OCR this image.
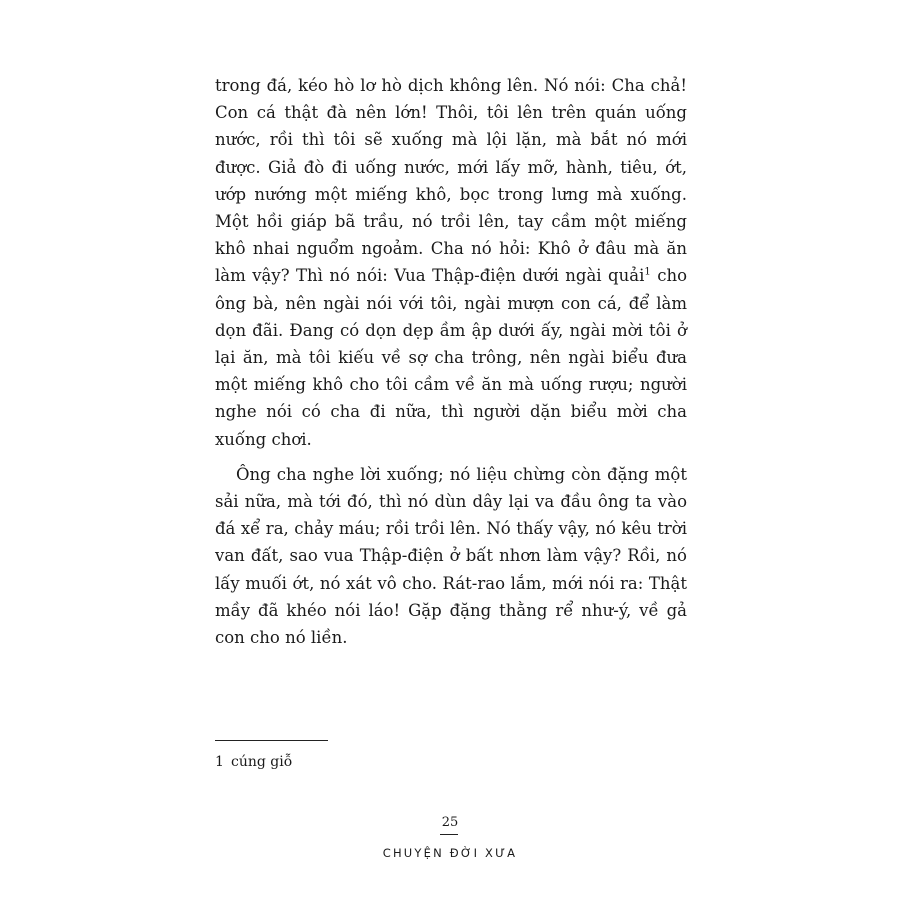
trong đá, kéo hò lơ hò dịch không lên. Nó nói: Cha chả! Con cá thật đà nên lớn! Thôi, tôi lên trên quán uống nước, rồi thì tôi sẽ xuống mà lội lặn, mà bắt nó mới được. Giả đò đi uống nước, mới lấy mỡ, hành, tiêu, ớt, ướp nướng một miếng khô, bọc trong lưng mà xuống. Một hồi giáp bã trầu, nó trồi lên, tay cầm một miếng khô nhai nguổm ngoảm. Cha nó hỏi: Khô ở đâu mà ăn làm vậy? Thì nó nói: Vua Thập-điện dưới ngài quải$^1$ cho ông bà, nên ngài nói với tôi, ngài mượn con cá, để làm dọn đãi. Đang có dọn dẹp ầm ập dưới ấy, ngài mời tôi ở lại ăn, mà tôi kiếu về sợ cha trông, nên ngài biểu đưa một miếng khô cho tôi cầm về ăn mà uống rượu; người nghe nói có cha đi nữa, thì người dặn biểu mời cha xuống chơi.

Ông cha nghe lời xuống; nó liệu chừng còn đặng một sải nữa, mà tới đó, thì nó dùn dây lại va đầu ông ta vào đá xể ra, chảy máu; rồi trồi lên. Nó thấy vậy, nó kêu trời van đất, sao vua Thập-điện ở bất nhơn làm vậy? Rồi, nó lấy muối ớt, nó xát vô cho. Rát-rao lắm, mới nói ra: Thật mầy đã khéo nói láo! Gặp đặng thằng rể như-ý, về gả con cho nó liền.

1 cúng giỗ
25
CHUYỆN ĐỜI XƯA
